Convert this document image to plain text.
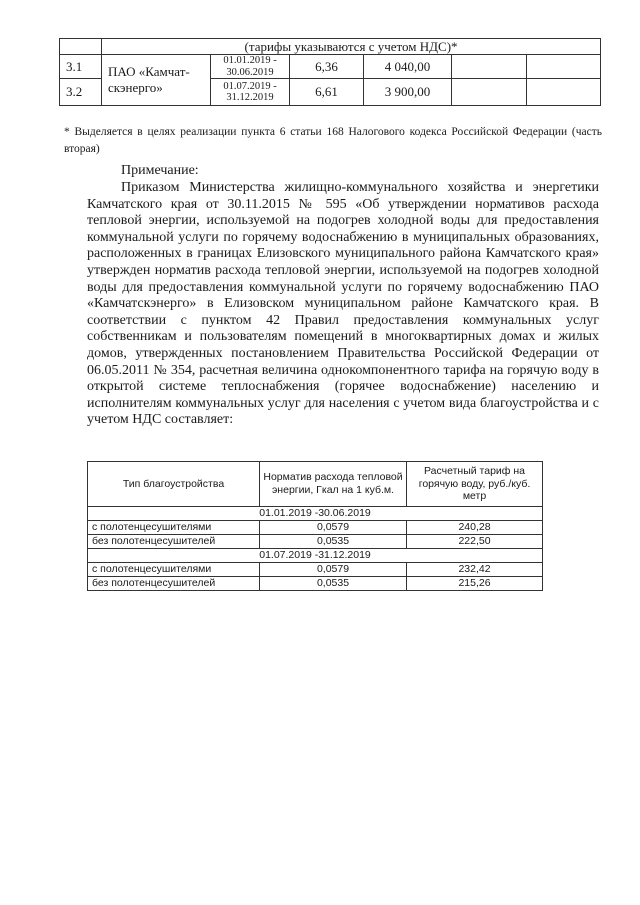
	(тарифы указываются с учетом НДС)*					
3.1	ПАО «Камчат-скэнерго»	01.01.2019 - 30.06.2019	6,36	4 040,00		
3.2		01.07.2019 - 31.12.2019	6,61	3 900,00		
* Выделяется в целях реализации пункта 6 статьи 168 Налогового кодекса Российской Федерации (часть вторая)
Примечание:
Приказом Министерства жилищно-коммунального хозяйства и энергетики Камчатского края от 30.11.2015 № 595 «Об утверждении нормативов расхода тепловой энергии, используемой на подогрев холодной воды для предоставления коммунальной услуги по горячему водоснабжению в муниципальных образованиях, расположенных в границах Елизовского муниципального района Камчатского края» утвержден норматив расхода тепловой энергии, используемой на подогрев холодной воды для предоставления коммунальной услуги по горячему водоснабжению ПАО «Камчатскэнерго» в Елизовском муниципальном районе Камчатского края. В соответствии с пунктом 42 Правил предоставления коммунальных услуг собственникам и пользователям помещений в многоквартирных домах и жилых домов, утвержденных постановлением Правительства Российской Федерации от 06.05.2011 № 354, расчетная величина однокомпонентного тарифа на горячую воду в открытой системе теплоснабжения (горячее водоснабжение) населению и исполнителям коммунальных услуг для населения с учетом вида благоустройства и с учетом НДС составляет:
Тип благоустройства	Норматив расхода тепловой энергии, Гкал на 1 куб.м.	Расчетный тариф на горячую воду, руб./куб. метр
01.01.2019 -30.06.2019		
с полотенцесушителями	0,0579	240,28
без полотенцесушителей	0,0535	222,50
01.07.2019 -31.12.2019		
с полотенцесушителями	0,0579	232,42
без полотенцесушителей	0,0535	215,26
